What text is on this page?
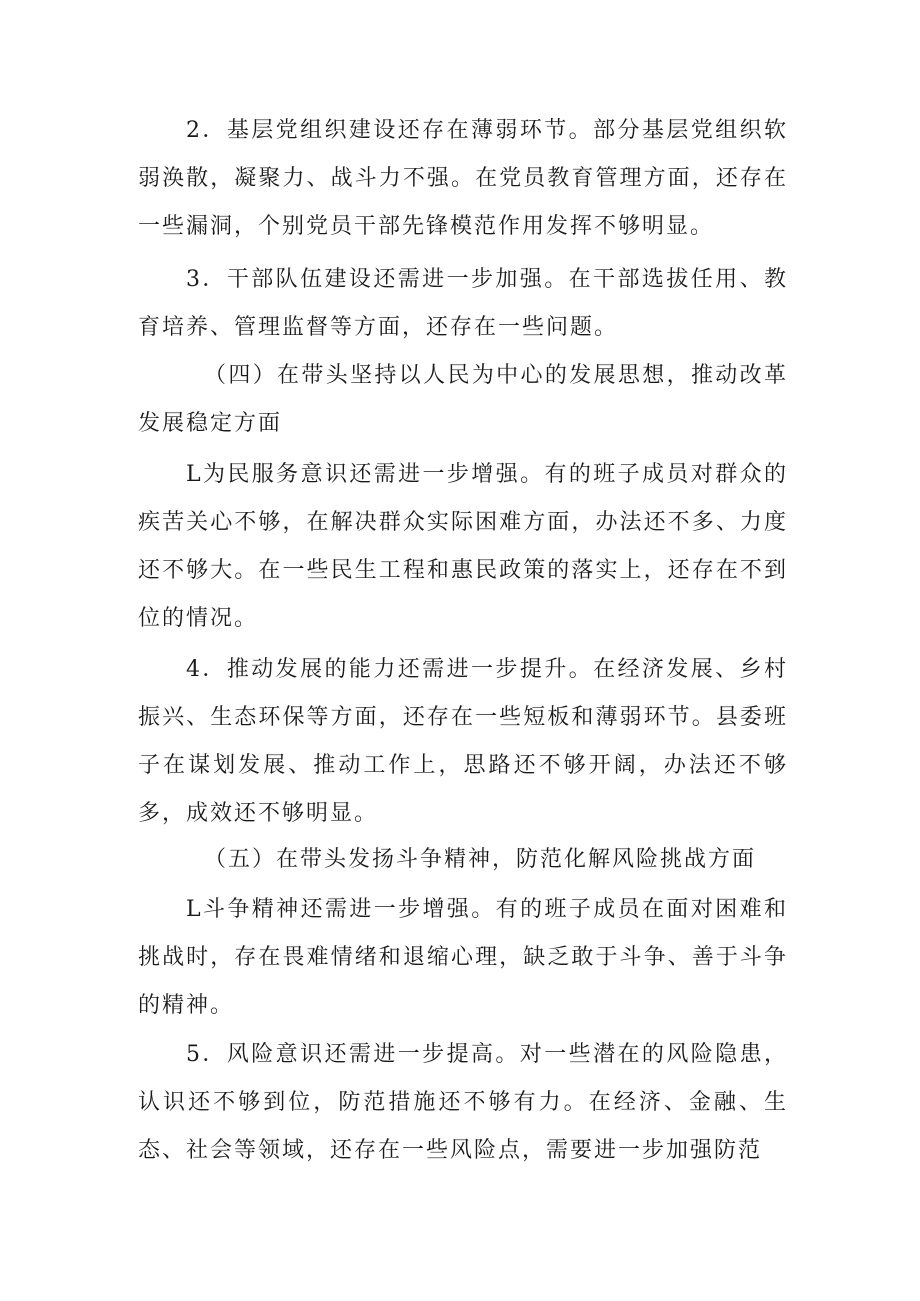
2．基层党组织建设还存在薄弱环节。部分基层党组织软弱涣散，凝聚力、战斗力不强。在党员教育管理方面，还存在一些漏洞，个别党员干部先锋模范作用发挥不够明显。

3．干部队伍建设还需进一步加强。在干部选拔任用、教育培养、管理监督等方面，还存在一些问题。

（四）在带头坚持以人民为中心的发展思想，推动改革发展稳定方面

L为民服务意识还需进一步增强。有的班子成员对群众的疾苦关心不够，在解决群众实际困难方面，办法还不多、力度还不够大。在一些民生工程和惠民政策的落实上，还存在不到位的情况。

4．推动发展的能力还需进一步提升。在经济发展、乡村振兴、生态环保等方面，还存在一些短板和薄弱环节。县委班子在谋划发展、推动工作上，思路还不够开阔，办法还不够多，成效还不够明显。

（五）在带头发扬斗争精神，防范化解风险挑战方面

L斗争精神还需进一步增强。有的班子成员在面对困难和挑战时，存在畏难情绪和退缩心理，缺乏敢于斗争、善于斗争的精神。

5．风险意识还需进一步提高。对一些潜在的风险隐患，认识还不够到位，防范措施还不够有力。在经济、金融、生态、社会等领域，还存在一些风险点，需要进一步加强防范
